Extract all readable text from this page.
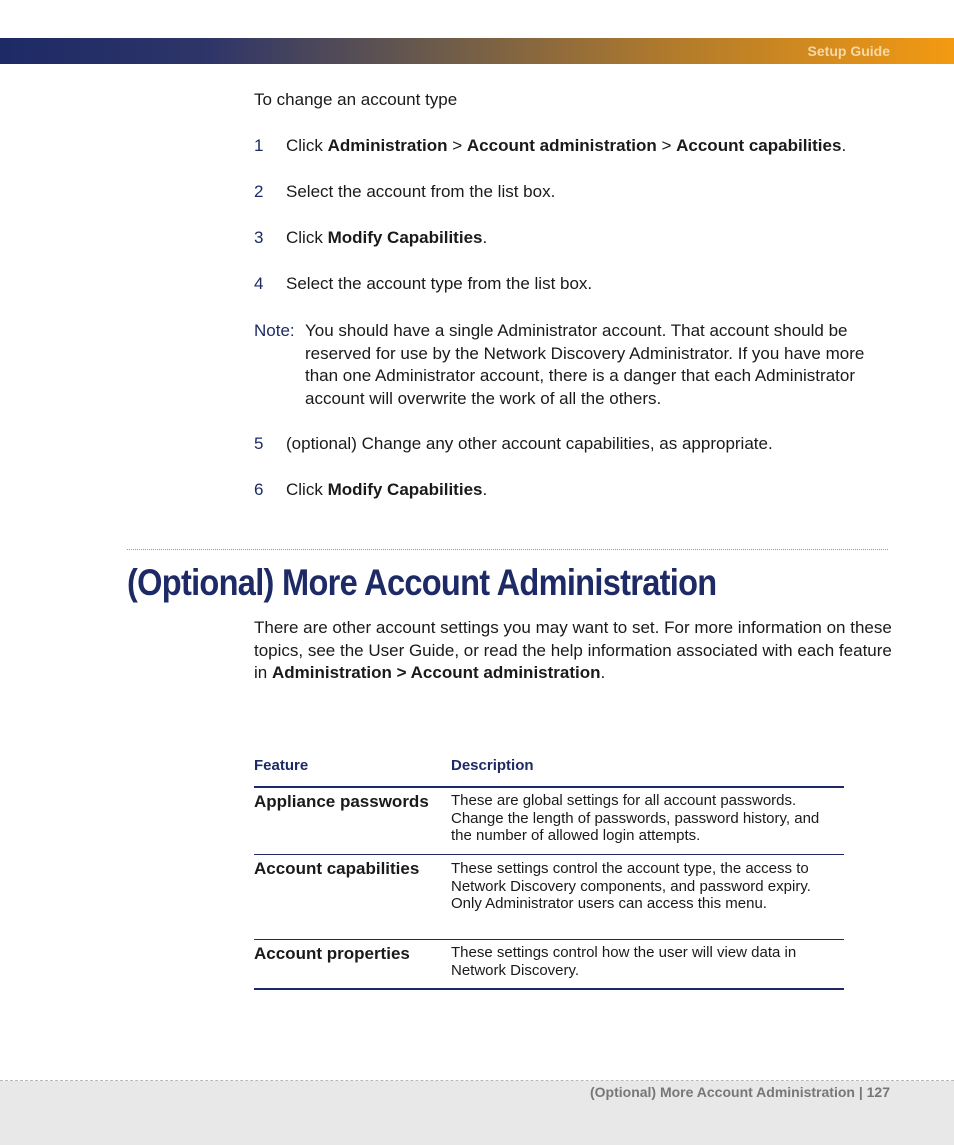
Setup Guide
To change an account type
1 Click Administration > Account administration > Account capabilities.
2 Select the account from the list box.
3 Click Modify Capabilities.
4 Select the account type from the list box.
Note: You should have a single Administrator account. That account should be reserved for use by the Network Discovery Administrator. If you have more than one Administrator account, there is a danger that each Administrator account will overwrite the work of all the others.
5 (optional) Change any other account capabilities, as appropriate.
6 Click Modify Capabilities.
(Optional) More Account Administration
There are other account settings you may want to set. For more information on these topics, see the User Guide, or read the help information associated with each feature in Administration > Account administration.
Feature	Description
Appliance passwords These are global settings for all account passwords. Change the length of passwords, password history, and the number of allowed login attempts.
Account capabilities These settings control the account type, the access to Network Discovery components, and password expiry. Only Administrator users can access this menu.
Account properties	These settings control how the user will view data in Network Discovery.
(Optional) More Account Administration | 127
